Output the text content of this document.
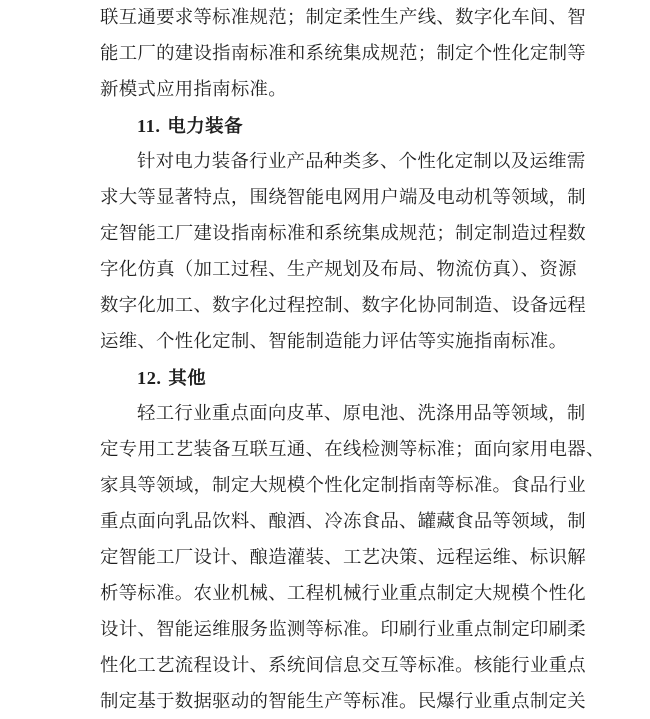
联互通要求等标准规范；制定柔性生产线、数字化车间、智
能工厂的建设指南标准和系统集成规范；制定个性化定制等
新模式应用指南标准。
11. 电力装备
针对电力装备行业产品种类多、个性化定制以及运维需
求大等显著特点，围绕智能电网用户端及电动机等领域，制
定智能工厂建设指南标准和系统集成规范；制定制造过程数
字化仿真（加工过程、生产规划及布局、物流仿真）、资源
数字化加工、数字化过程控制、数字化协同制造、设备远程
运维、个性化定制、智能制造能力评估等实施指南标准。
12. 其他
轻工行业重点面向皮革、原电池、洗涤用品等领域，制
定专用工艺装备互联互通、在线检测等标准；面向家用电器、
家具等领域，制定大规模个性化定制指南等标准。食品行业
重点面向乳品饮料、酿酒、冷冻食品、罐藏食品等领域，制
定智能工厂设计、酿造灌装、工艺决策、远程运维、标识解
析等标准。农业机械、工程机械行业重点制定大规模个性化
设计、智能运维服务监测等标准。印刷行业重点制定印刷柔
性化工艺流程设计、系统间信息交互等标准。核能行业重点
制定基于数据驱动的智能生产等标准。民爆行业重点制定关
